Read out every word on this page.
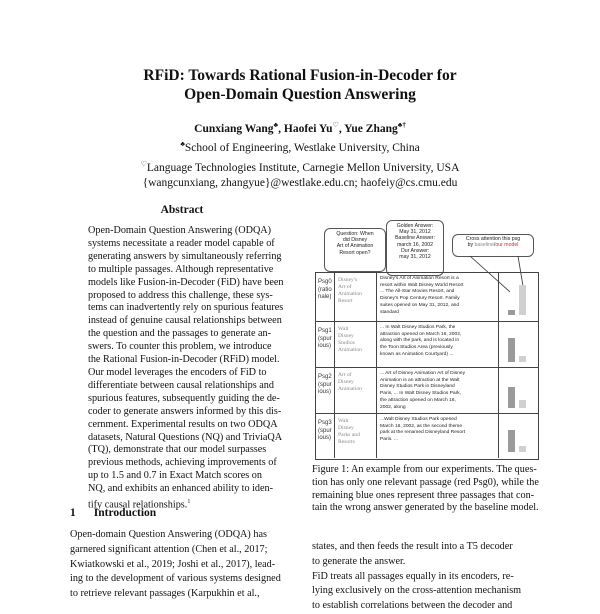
RFiD: Towards Rational Fusion-in-Decoder for
Open-Domain Question Answering
Cunxiang Wang♣, Haofei Yu♡, Yue Zhang♣†
♣School of Engineering, Westlake University, China
♡Language Technologies Institute, Carnegie Mellon University, USA
{wangcunxiang, zhangyue}@westlake.edu.cn; haofeiy@cs.cmu.edu
Abstract
Open-Domain Question Answering (ODQA)
systems necessitate a reader model capable of
generating answers by simultaneously referring
to multiple passages. Although representative
models like Fusion-in-Decoder (FiD) have been
proposed to address this challenge, these sys-
tems can inadvertently rely on spurious features
instead of genuine causal relationships between
the question and the passages to generate an-
swers. To counter this problem, we introduce
the Rational Fusion-in-Decoder (RFiD) model.
Our model leverages the encoders of FiD to
differentiate between causal relationships and
spurious features, subsequently guiding the de-
coder to generate answers informed by this dis-
cernment. Experimental results on two ODQA
datasets, Natural Questions (NQ) and TriviaQA
(TQ), demonstrate that our model surpasses
previous methods, achieving improvements of
up to 1.5 and 0.7 in Exact Match scores on
NQ, and exhibits an enhanced ability to iden-
tify causal relationships.$^1$
1 Introduction
Open-domain Question Answering (ODQA) has
garnered significant attention (Chen et al., 2017;
Kwiatkowski et al., 2019; Joshi et al., 2017), lead-
ing to the development of various systems designed
to retrieve relevant passages (Karpukhin et al.,
Question: When
did Disney
Art of Animation
Resort open?
Golden Answer:
May 31, 2012
Baseline Answer:
march 16, 2002
Our Answer:
may 31, 2012
Cross attention this psg
by baseline/our model
Psg0
(ratio
nale)
Disney's
Art of
Animation
Resort
Disney's Art of Animation Resort is a
resort within Walt Disney World Resort
... The All-Star Movies Resort, and
Disney's Pop Century Resort. Family
suites opened on May 31, 2012, and
standard
Psg1
(spur
ious)
Walt
Disney
Studios
Animation
... In Walt Disney Studios Park, the
attraction opened on March 16, 2002,
along with the park, and is located in
the Toon Studios Area (previously
known as Animation Courtyard) ...
Psg2
(spur
ious)
Art of
Disney
Animation
... Art of Disney Animation Art of Disney
Animation is an attraction at the Walt
Disney Studios Park in Disneyland
Paris, ... In Walt Disney Studios Park,
the attraction opened on March 16,
2002, along
Psg3
(spur
ious)
Walt
Disney
Parks and
Resorts
...Walt Disney Studios Park opened
March 16, 2002, as the second theme
park at the renamed Disneyland Resort
Paris. ...
Figure 1: An example from our experiments. The ques-
tion has only one relevant passage (red Psg0), while the
remaining blue ones represent three passages that con-
tain the wrong answer generated by the baseline model.
states, and then feeds the result into a T5 decoder
to generate the answer.
FiD treats all passages equally in its encoders, re-
lying exclusively on the cross-attention mechanism
to establish correlations between the decoder and
